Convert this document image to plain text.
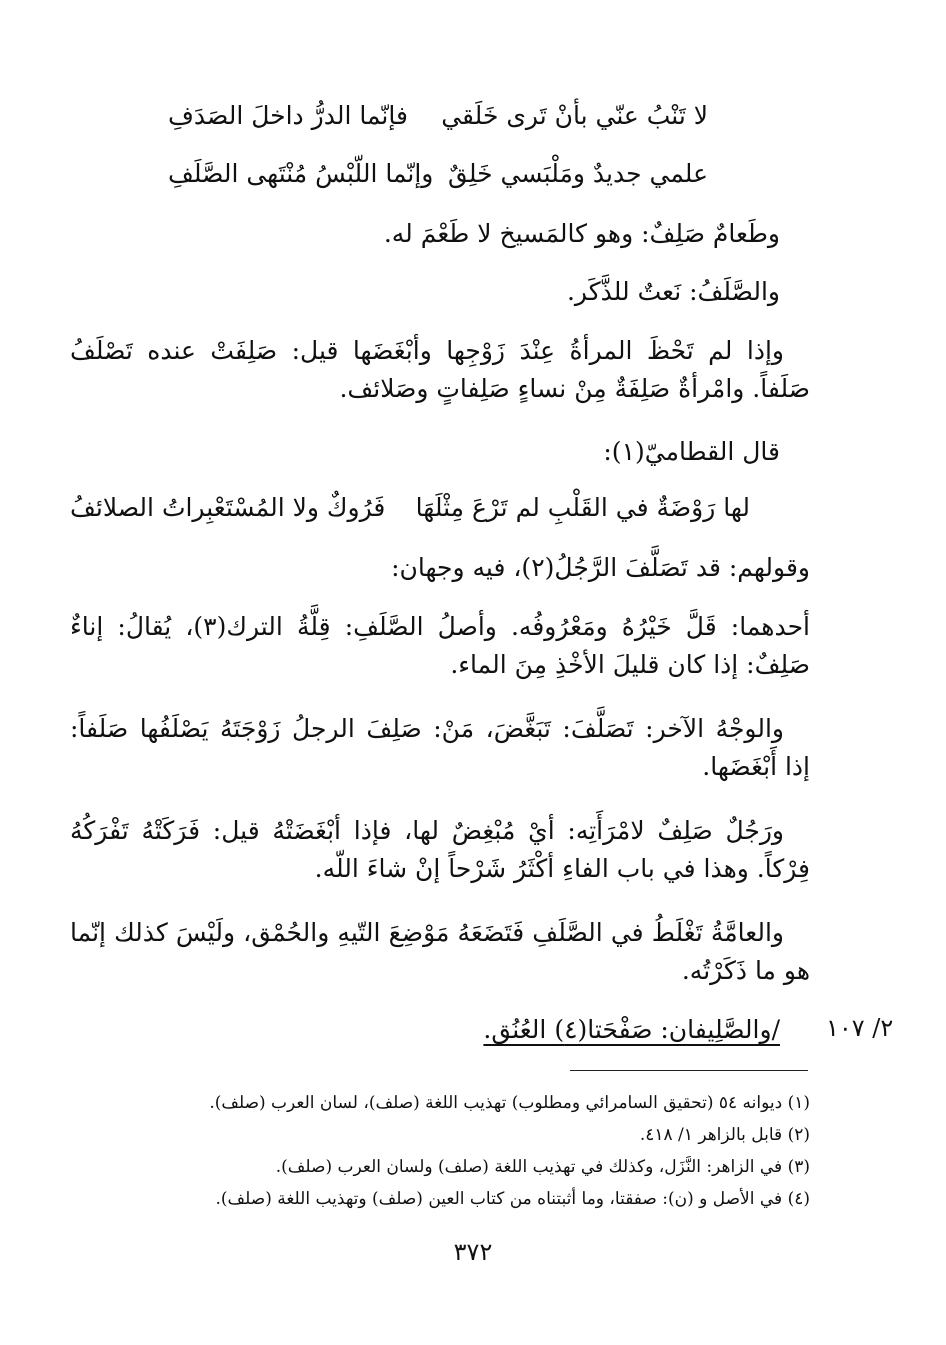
لا تَنْبُ عنّي بأنْ تَرى خَلَقي
فإنّما الدرُّ داخلَ الصَدَفِ
علمي جديدٌ ومَلْبَسي خَلِقٌ
وإنّما اللّبْسُ مُنْتَهى الصَّلَفِ
وطَعامٌ صَلِفٌ: وهو كالمَسيخ لا طَعْمَ له.
والصَّلَفُ: نَعتٌ للذَّكَر.
وإذا لم تَحْظَ المرأةُ عِنْدَ زَوْجِها وأبْغَضَها قيل: صَلِفَتْ عنده تَصْلَفُ صَلَفاً. وامْرأةٌ صَلِفَةٌ مِنْ نساءٍ صَلِفاتٍ وصَلائف.
قال القطاميّ(١):
لها رَوْضَةٌ في القَلْبِ لم تَرْعَ مِثْلَهَا
فَرُوكٌ ولا المُسْتَعْبِراتُ الصلائفُ
وقولهم: قد تَصَلَّفَ الرَّجُلُ(٢)، فيه وجهان:
أحدهما: قَلَّ خَيْرُهُ ومَعْرُوفُه. وأصلُ الصَّلَفِ: قِلَّةُ الترك(٣)، يُقالُ: إناءٌ صَلِفٌ: إذا كان قليلَ الأخْذِ مِنَ الماء.
والوجْهُ الآخر: تَصَلَّفَ: تَبَغَّضَ، مَنْ: صَلِفَ الرجلُ زَوْجَتَهُ يَصْلَفُها صَلَفاً: إذا أَبْغَضَها.
ورَجُلٌ صَلِفٌ لامْرَأَتِه: أيْ مُبْغِضٌ لها، فإذا أبْغَضَتْهُ قيل: فَرَكَتْهُ تَفْرَكُهُ فِرْكاً. وهذا في باب الفاءِ أكْثَرُ شَرْحاً إنْ شاءَ اللّه.
والعامَّةُ تَغْلَطُ في الصَّلَفِ فَتَضَعَهُ مَوْضِعَ التّيهِ والحُمْق، ولَيْسَ كذلك إنّما هو ما ذَكَرْتُه.
٢/ ١٠٧
/والصَّلِيفان: صَفْحَتا(٤) العُنُق.
(١) ديوانه ٥٤ (تحقيق السامرائي ومطلوب) تهذيب اللغة (صلف)، لسان العرب (صلف).
(٢) قابل بالزاهر ١/ ٤١٨.
(٣) في الزاهر: النَّزَل، وكذلك في تهذيب اللغة (صلف) ولسان العرب (صلف).
(٤) في الأصل و (ن): صفقتا، وما أثبتناه من كتاب العين (صلف) وتهذيب اللغة (صلف).
٣٧٢
